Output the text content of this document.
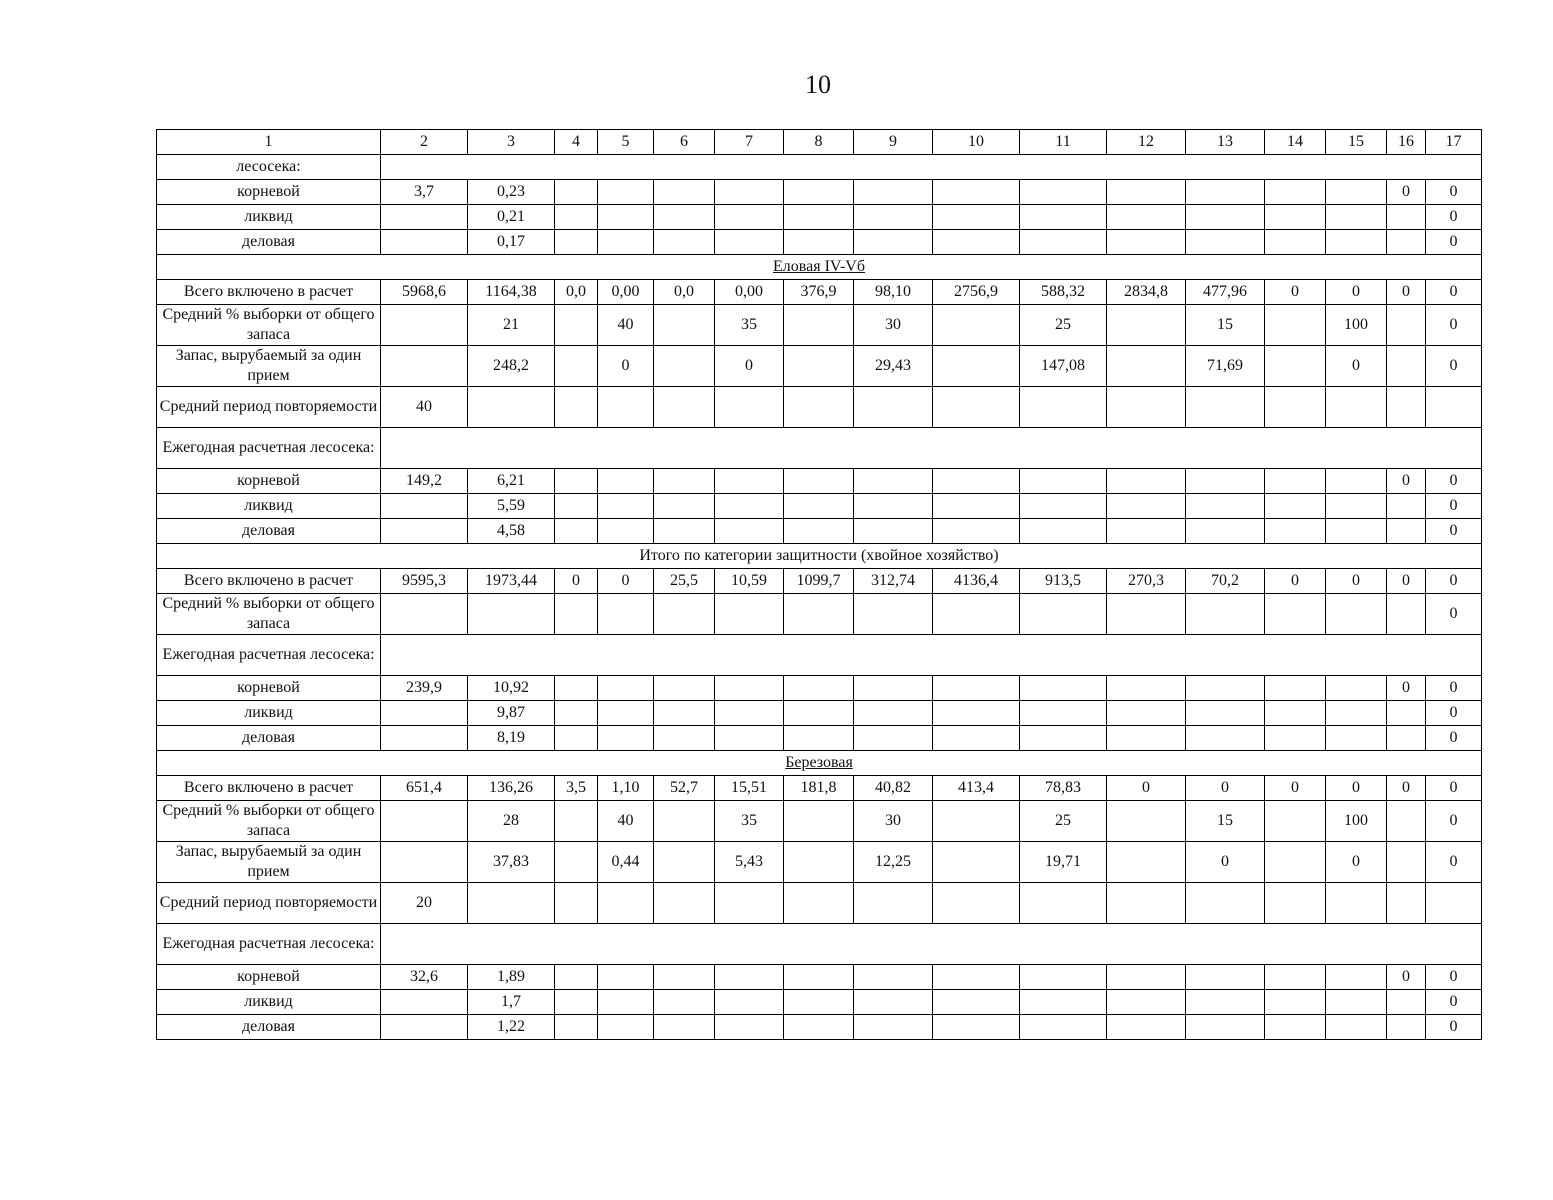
10
1	2	3	4	5	6	7	8	9	10	11	12	13	14	15	16	17
лесосека:																
корневой	3,7	0,23													0	0
ликвид		0,21														0
деловая		0,17														0
Еловая IV-Vб																
Всего включено в расчет	5968,6	1164,38	0,0	0,00	0,0	0,00	376,9	98,10	2756,9	588,32	2834,8	477,96	0	0	0	0
Средний % выборки от общего запаса		21		40		35		30		25		15		100		0
Запас, вырубаемый за один прием		248,2		0		0		29,43		147,08		71,69		0		0
Средний период повторяемости	40															
Ежегодная расчетная лесосека:																
корневой	149,2	6,21													0	0
ликвид		5,59														0
деловая		4,58														0
Итого по категории защитности (хвойное хозяйство)																
Всего включено в расчет	9595,3	1973,44	0	0	25,5	10,59	1099,7	312,74	4136,4	913,5	270,3	70,2	0	0	0	0
Средний % выборки от общего запаса																0
Ежегодная расчетная лесосека:																
корневой	239,9	10,92													0	0
ликвид		9,87														0
деловая		8,19														0
Березовая																
Всего включено в расчет	651,4	136,26	3,5	1,10	52,7	15,51	181,8	40,82	413,4	78,83	0	0	0	0	0	0
Средний % выборки от общего запаса		28		40		35		30		25		15		100		0
Запас, вырубаемый за один прием		37,83		0,44		5,43		12,25		19,71		0		0		0
Средний период повторяемости	20															
Ежегодная расчетная лесосека:																
корневой	32,6	1,89													0	0
ликвид		1,7														0
деловая		1,22														0
